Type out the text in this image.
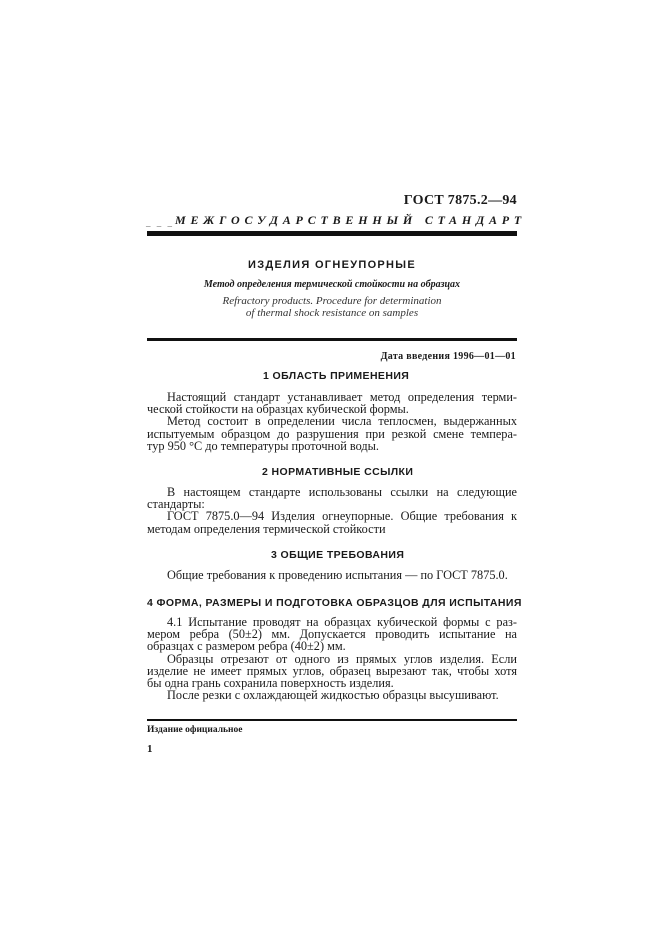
ГОСТ 7875.2—94
‒ ‒ ‒ МЕЖГОСУДАРСТВЕННЫЙ СТАНДАРТ
ИЗДЕЛИЯ ОГНЕУПОРНЫЕ
Метод определения термической стойкости на образцах
Refractory products. Procedure for determination
of thermal shock resistance on samples
Дата введения 1996—01—01
1 ОБЛАСТЬ ПРИМЕНЕНИЯ
Настоящий стандарт устанавливает метод определения терми-
ческой стойкости на образцах кубической формы.
Метод состоит в определении числа теплосмен, выдержанных
испытуемым образцом до разрушения при резкой смене темпера-
тур 950 °С до температуры проточной воды.
2 НОРМАТИВНЫЕ ССЫЛКИ
В настоящем стандарте использованы ссылки на следующие
стандарты:
ГОСТ 7875.0—94 Изделия огнеупорные. Общие требования к
методам определения термической стойкости
3 ОБЩИЕ ТРЕБОВАНИЯ
Общие требования к проведению испытания — по ГОСТ 7875.0.
4 ФОРМА, РАЗМЕРЫ И ПОДГОТОВКА ОБРАЗЦОВ ДЛЯ ИСПЫТАНИЯ
4.1 Испытание проводят на образцах кубической формы с раз-
мером ребра (50±2) мм. Допускается проводить испытание на
образцах с размером ребра (40±2) мм.
Образцы отрезают от одного из прямых углов изделия. Если
изделие не имеет прямых углов, образец вырезают так, чтобы хотя
бы одна грань сохранила поверхность изделия.
После резки с охлаждающей жидкостью образцы высушивают.
Издание официальное
1
